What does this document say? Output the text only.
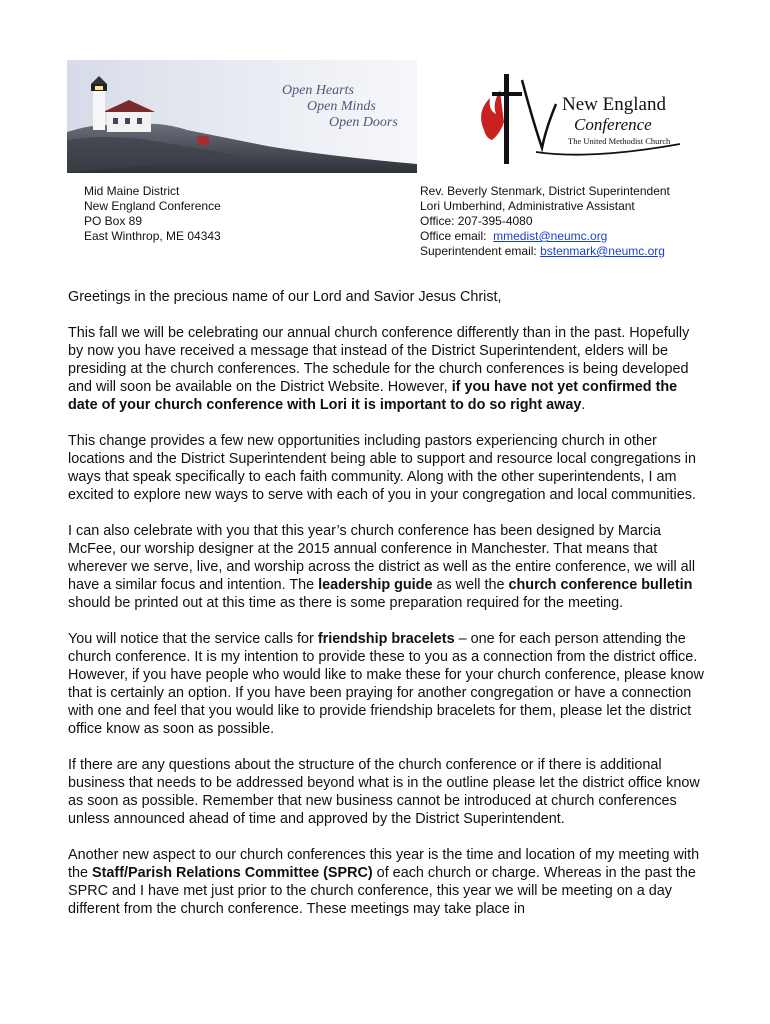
Open Hearts
Open Minds
Open Doors
New England
Conference
The United Methodist Church
Mid Maine District
New England Conference
PO Box 89
East Winthrop, ME 04343
Rev. Beverly Stenmark, District Superintendent
Lori Umberhind, Administrative Assistant
Office: 207-395-4080
Office email:  mmedist@neumc.org
Superintendent email: bstenmark@neumc.org

Greetings in the precious name of our Lord and Savior Jesus Christ,

This fall we will be celebrating our annual church conference differently than in the past. Hopefully by now you have received a message that instead of the District Superintendent, elders will be presiding at the church conferences. The schedule for the church conferences is being developed and will soon be available on the District Website. However, if you have not yet confirmed the date of your church conference with Lori it is important to do so right away.

This change provides a few new opportunities including pastors experiencing church in other locations and the District Superintendent being able to support and resource local congregations in ways that speak specifically to each faith community. Along with the other superintendents, I am excited to explore new ways to serve with each of you in your congregation and local communities.

I can also celebrate with you that this year’s church conference has been designed by Marcia McFee, our worship designer at the 2015 annual conference in Manchester. That means that wherever we serve, live, and worship across the district as well as the entire conference, we will all have a similar focus and intention. The leadership guide as well the church conference bulletin should be printed out at this time as there is some preparation required for the meeting.

You will notice that the service calls for friendship bracelets – one for each person attending the church conference. It is my intention to provide these to you as a connection from the district office. However, if you have people who would like to make these for your church conference, please know that is certainly an option. If you have been praying for another congregation or have a connection with one and feel that you would like to provide friendship bracelets for them, please let the district office know as soon as possible.

If there are any questions about the structure of the church conference or if there is additional business that needs to be addressed beyond what is in the outline please let the district office know as soon as possible. Remember that new business cannot be introduced at church conferences unless announced ahead of time and approved by the District Superintendent.

Another new aspect to our church conferences this year is the time and location of my meeting with the Staff/Parish Relations Committee (SPRC) of each church or charge. Whereas in the past the SPRC and I have met just prior to the church conference, this year we will be meeting on a day different from the church conference. These meetings may take place in
